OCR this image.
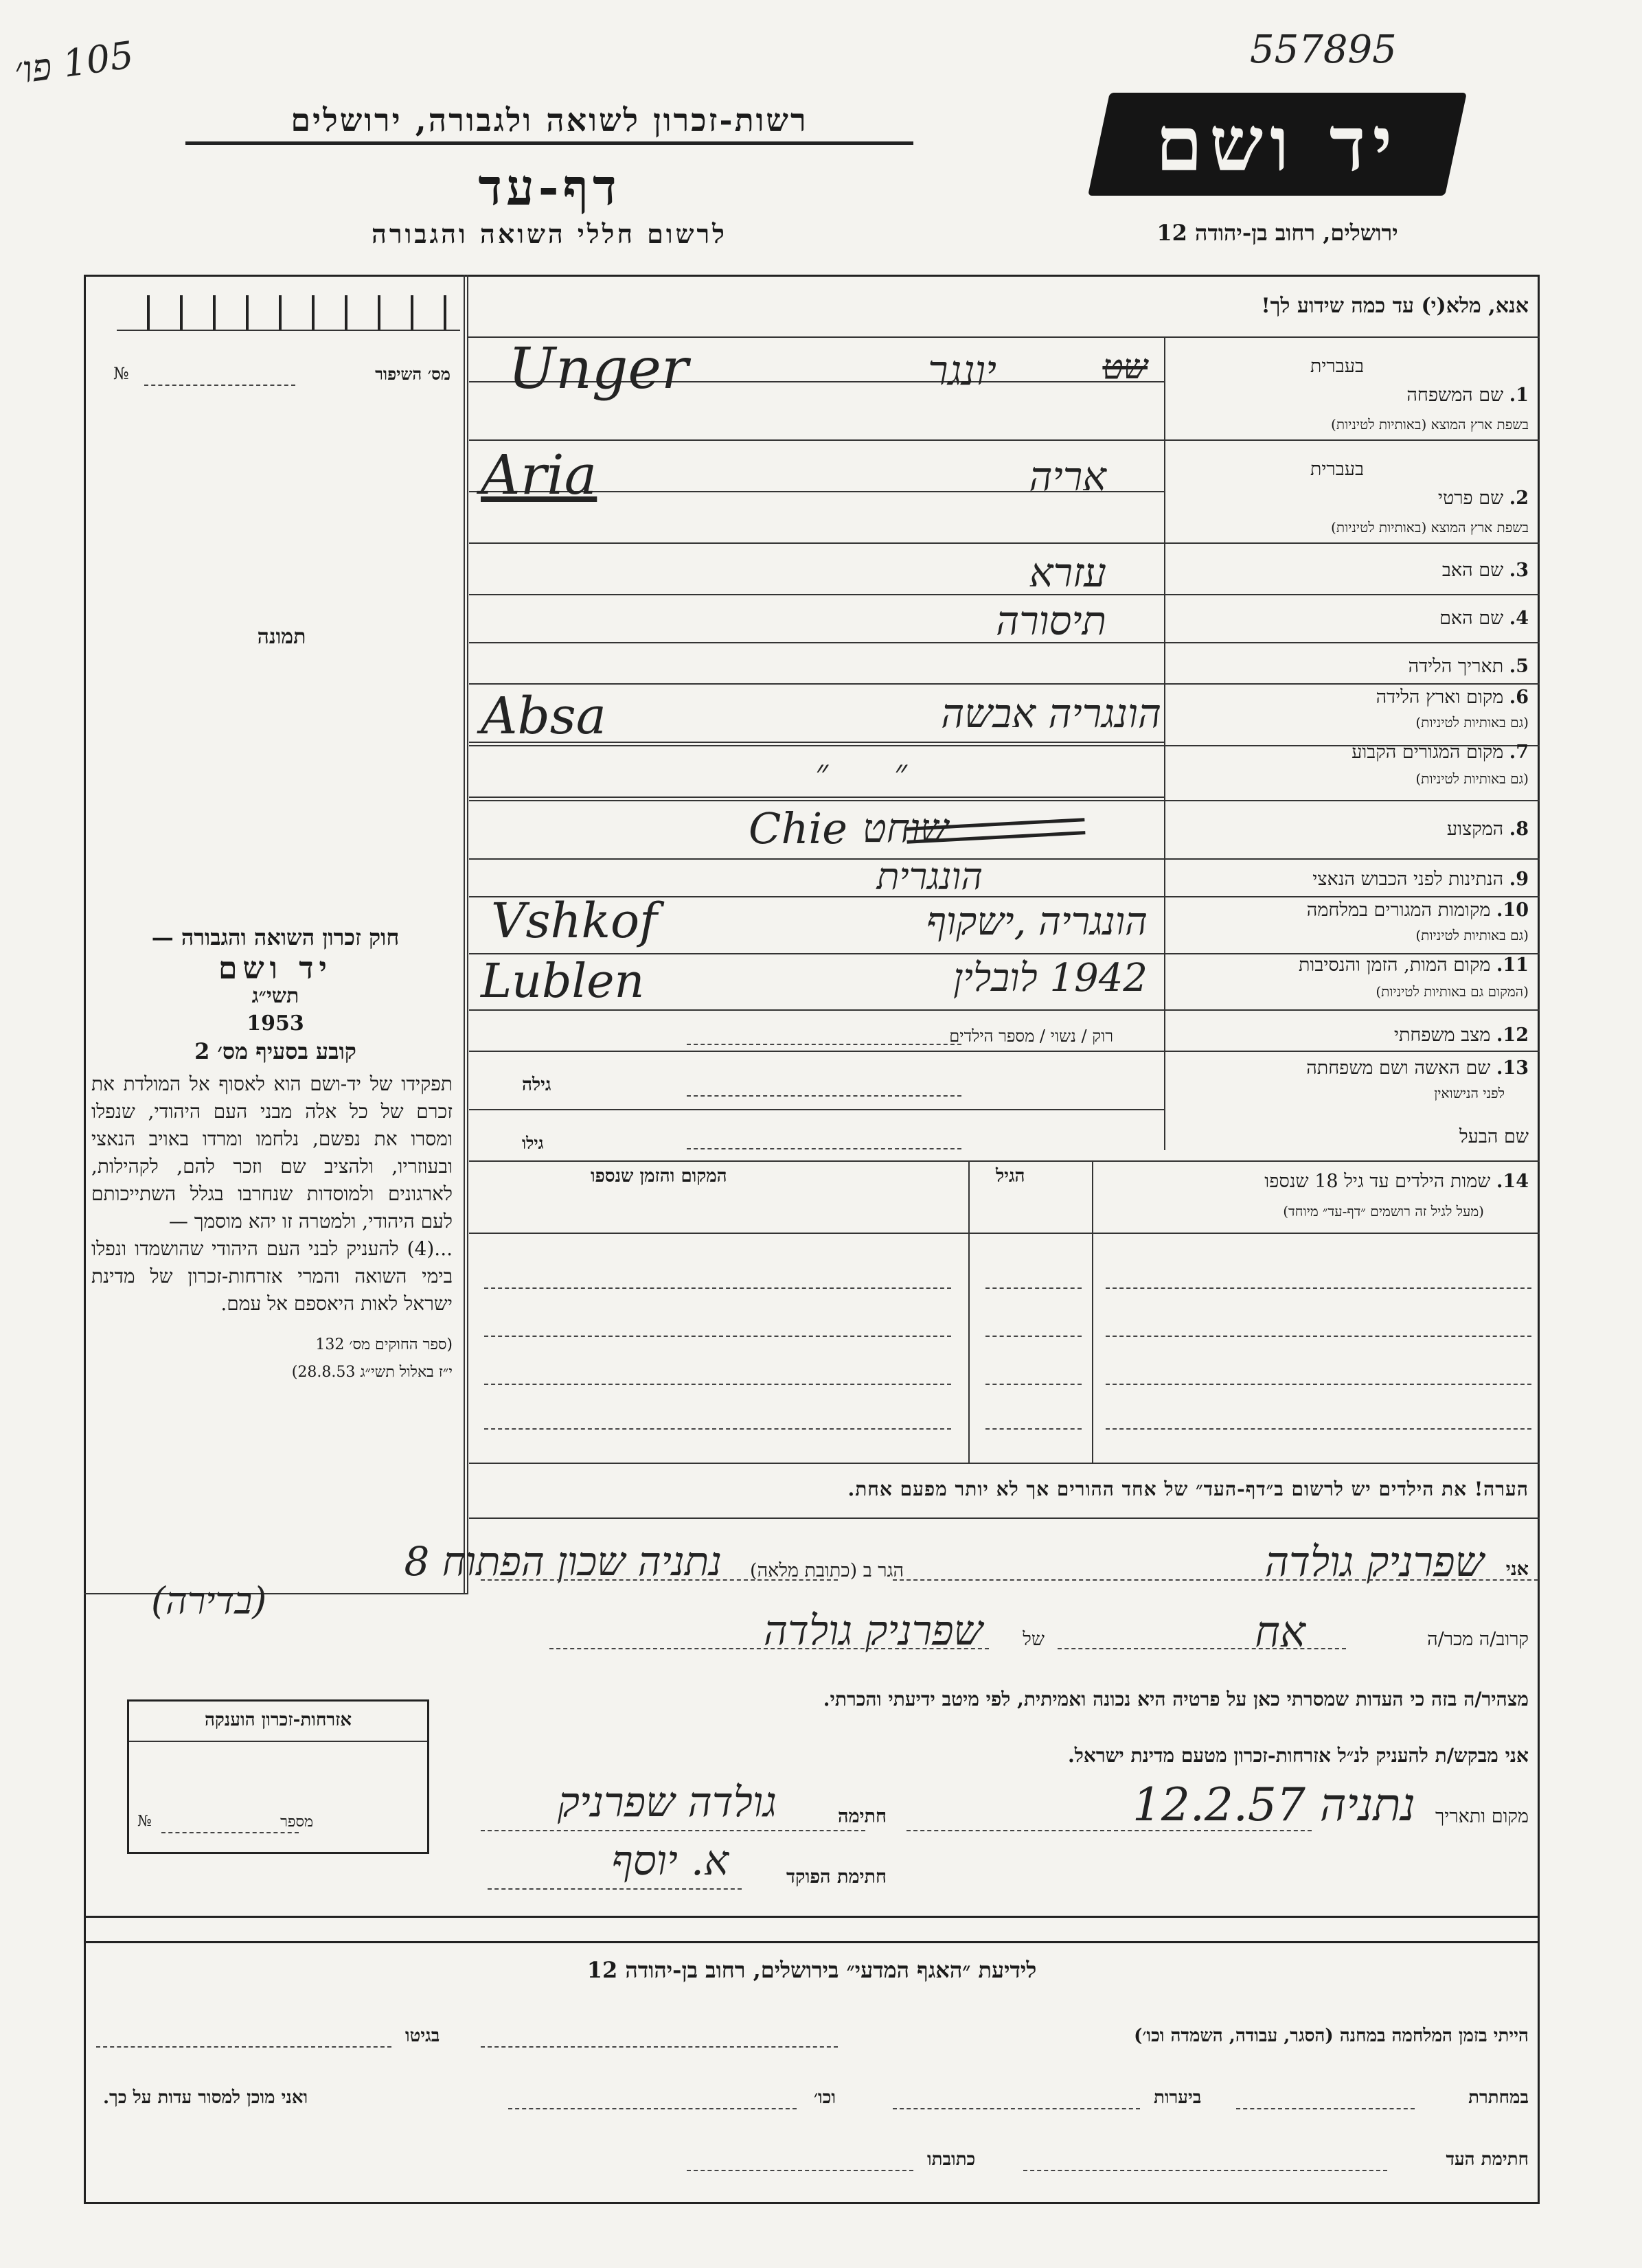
105 פו׳	557895
רשות-זכרון לשואה ולגבורה, ירושלים
דף-עד
לרשום חללי השואה והגבורה
יד ושם
ירושלים, רחוב בן-יהודה 12
אנא, מלא(י) עד כמה שידוע לך!
מס׳ השיפור
№
תמונה

חוק זכרון השואה והגבורה —

יד ושם

תשי״ג

1953

קובע בסעיף מס׳ 2

תפקידו של יד-ושם הוא לאסוף אל המולדת את זכרם של כל אלה מבני העם היהודי, שנפלו ומסרו את נפשם, נלחמו ומרדו באויב הנאצי ובעוזריו, ולהציב שם וזכר להם, לקהילות, לארגונים ולמוסדות שנחרבו בגלל השתייכותם לעם היהודי, ולמטרה זו יהא מוסמך —

...(4) להעניק לבני העם היהודי שהושמדו ונפלו בימי השואה והמרי אזרחות-זכרון של מדינת ישראל לאות היאספם אל עמם.

(ספר החוקים מס׳ 132

י״ז באלול תשי״ג 28.8.53)

בעברית
1. שם המשפחה
בשפת ארץ המוצא (באותיות לטיניות)
Unger	יונגר	שט
בעברית
2. שם פרטי
בשפת ארץ המוצא (באותיות לטיניות)
Aria	אריה
3. שם האב
עזרא
4. שם האם
תיסורה
5. תאריך הלידה
6. מקום וארץ הלידה
(גם באותיות לטיניות)
Absa	הונגריה אבשה
7. מקום המגורים הקבוע
(גם באותיות לטיניות)
״ ״
8. המקצוע
Chie שוחט
9. הנתינות לפני הכבוש הנאצי
הונגרית
10. מקומות המגורים במלחמה
(גם באותיות לטיניות)
Vshkof	הונגריה ,ישקוף
11. מקום המות, הזמן והנסיבות
(המקום גם באותיות לטיניות)
Lublen	1942 לובלין
12. מצב משפחתי
רוק / נשוי / מספר הילדים
13. שם האשה ושם משפחתה
לפני הנישואין
גילה
שם הבעל
גילו
14. שמות הילדים עד גיל 18 שנספו
(מעל לגיל זה רושמים ״דף-עד״ מיוחד)
הגיל
המקום והזמן שנספו
הערה! את הילדים יש לרשום ב״דף-העד״ של אחד ההורים אך לא יותר מפעם אחת.
אני
שפרניק גולדה
הגר ב (כתובת מלאה)
נתניה שכון הפתוח 8
(בדירה)
קרוב/ה מכר/ה
אח
של
שפרניק גולדה
מצהיר/ה בזה כי העדות שמסרתי כאן על פרטיה היא נכונה ואמיתית, לפי מיטב ידיעתי והכרתי.
אני מבקש/ת להעניק לנ״ל אזרחות-זכרון מטעם מדינת ישראל.
מקום ותאריך
נתניה 12.2.57
חתימה
גולדה שפרניק
חתימת הפוקד
א. יוסף
אזרחות-זכרון הוענקה
מספר
№
לידיעת ״האגף המדעי״ בירושלים, רחוב בן-יהודה 12
הייתי בזמן המלחמה במחנה (הסגר, עבודה, השמדה וכו׳)
בגיטו
במחתרת
ביערות
וכו׳
ואני מוכן למסור עדות על כך.
חתימת העד
כתובתו
